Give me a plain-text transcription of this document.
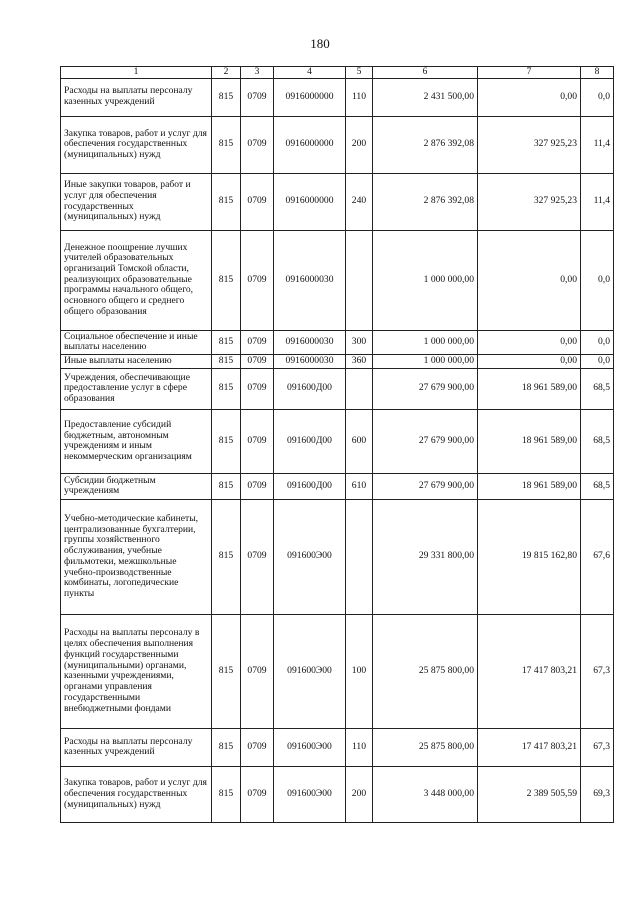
180
1	2	3	4	5	6	7	8
Расходы на выплаты персоналу казенных учреждений	815	0709	0916000000	110	2 431 500,00	0,00	0,0
Закупка товаров, работ и услуг для обеспечения государственных (муниципальных) нужд	815	0709	0916000000	200	2 876 392,08	327 925,23	11,4
Иные закупки товаров, работ и услуг для обеспечения государственных (муниципальных) нужд	815	0709	0916000000	240	2 876 392,08	327 925,23	11,4
Денежное поощрение лучших учителей образовательных организаций Томской области, реализующих образовательные программы начального общего, основного общего и среднего общего образования	815	0709	0916000030		1 000 000,00	0,00	0,0
Социальное обеспечение и иные выплаты населению	815	0709	0916000030	300	1 000 000,00	0,00	0,0
Иные выплаты населению	815	0709	0916000030	360	1 000 000,00	0,00	0,0
Учреждения, обеспечивающие предоставление услуг в сфере образования	815	0709	091600Д00		27 679 900,00	18 961 589,00	68,5
Предоставление субсидий бюджетным, автономным учреждениям и иным некоммерческим организациям	815	0709	091600Д00	600	27 679 900,00	18 961 589,00	68,5
Субсидии бюджетным учреждениям	815	0709	091600Д00	610	27 679 900,00	18 961 589,00	68,5
Учебно-методические кабинеты, централизованные бухгалтерии, группы хозяйственного обслуживания, учебные фильмотеки, межшкольные учебно-производственные комбинаты, логопедические пункты	815	0709	091600Э00		29 331 800,00	19 815 162,80	67,6
Расходы на выплаты персоналу в целях обеспечения выполнения функций государственными (муниципальными) органами, казенными учреждениями, органами управления государственными внебюджетными фондами	815	0709	091600Э00	100	25 875 800,00	17 417 803,21	67,3
Расходы на выплаты персоналу казенных учреждений	815	0709	091600Э00	110	25 875 800,00	17 417 803,21	67,3
Закупка товаров, работ и услуг для обеспечения государственных (муниципальных) нужд	815	0709	091600Э00	200	3 448 000,00	2 389 505,59	69,3
